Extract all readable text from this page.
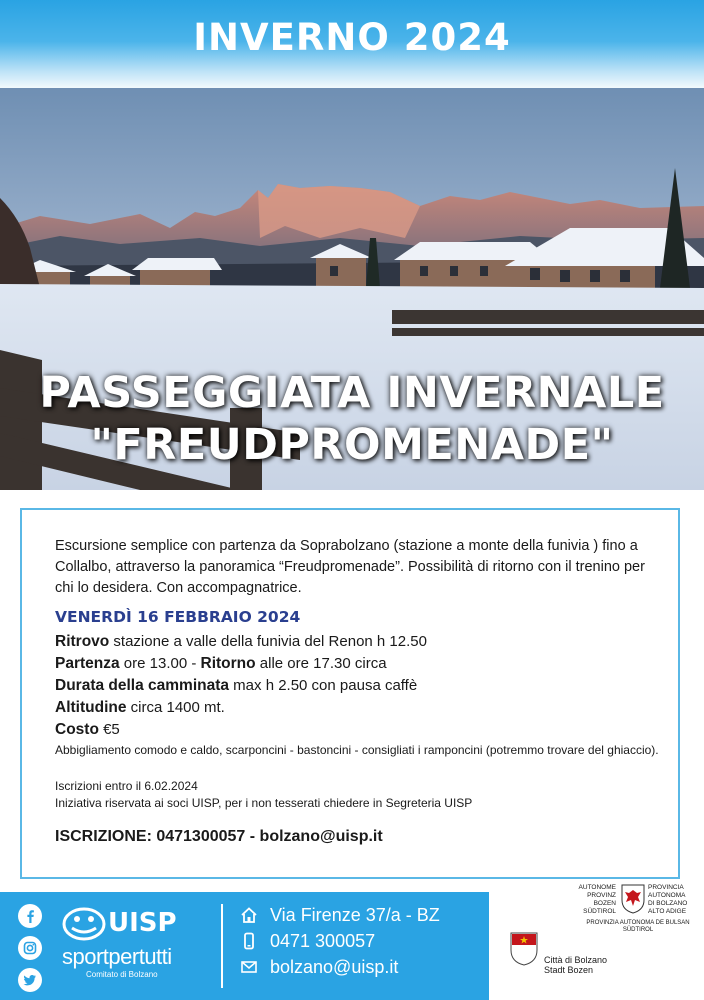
INVERNO 2024
PASSEGGIATA INVERNALE
"FREUDPROMENADE"

Escursione semplice con partenza da Soprabolzano (stazione a monte della funivia ) fino a Collalbo, attraverso la panoramica “Freudpromenade”. Possibilità di ritorno con il trenino per chi lo desidera. Con accompagnatrice.

VENERDÌ 16 FEBBRAIO 2024
Ritrovo stazione a valle della funivia del Renon h 12.50
Partenza ore 13.00 - Ritorno alle ore 17.30 circa
Durata della camminata max h 2.50 con pausa caffè
Altitudine circa 1400 mt.
Costo €5
Abbigliamento comodo e caldo, scarponcini - bastoncini - consigliati i ramponcini (potremmo trovare del ghiaccio).
Iscrizioni entro il 6.02.2024
Iniziativa riservata ai soci UISP, per i non tesserati chiedere in Segreteria UISP
ISCRIZIONE: 0471300057 - bolzano@uisp.it
UISP
sportpertutti
Comitato di Bolzano
Via Firenze 37/a - BZ
0471 300057
bolzano@uisp.it
AUTONOME
PROVINZ
BOZEN
SÜDTIROL
PROVINCIA
AUTONOMA
DI BOLZANO
ALTO ADIGE
PROVINZIA AUTONOMA DE BULSAN
SÜDTIROL
Città di Bolzano
Stadt Bozen
